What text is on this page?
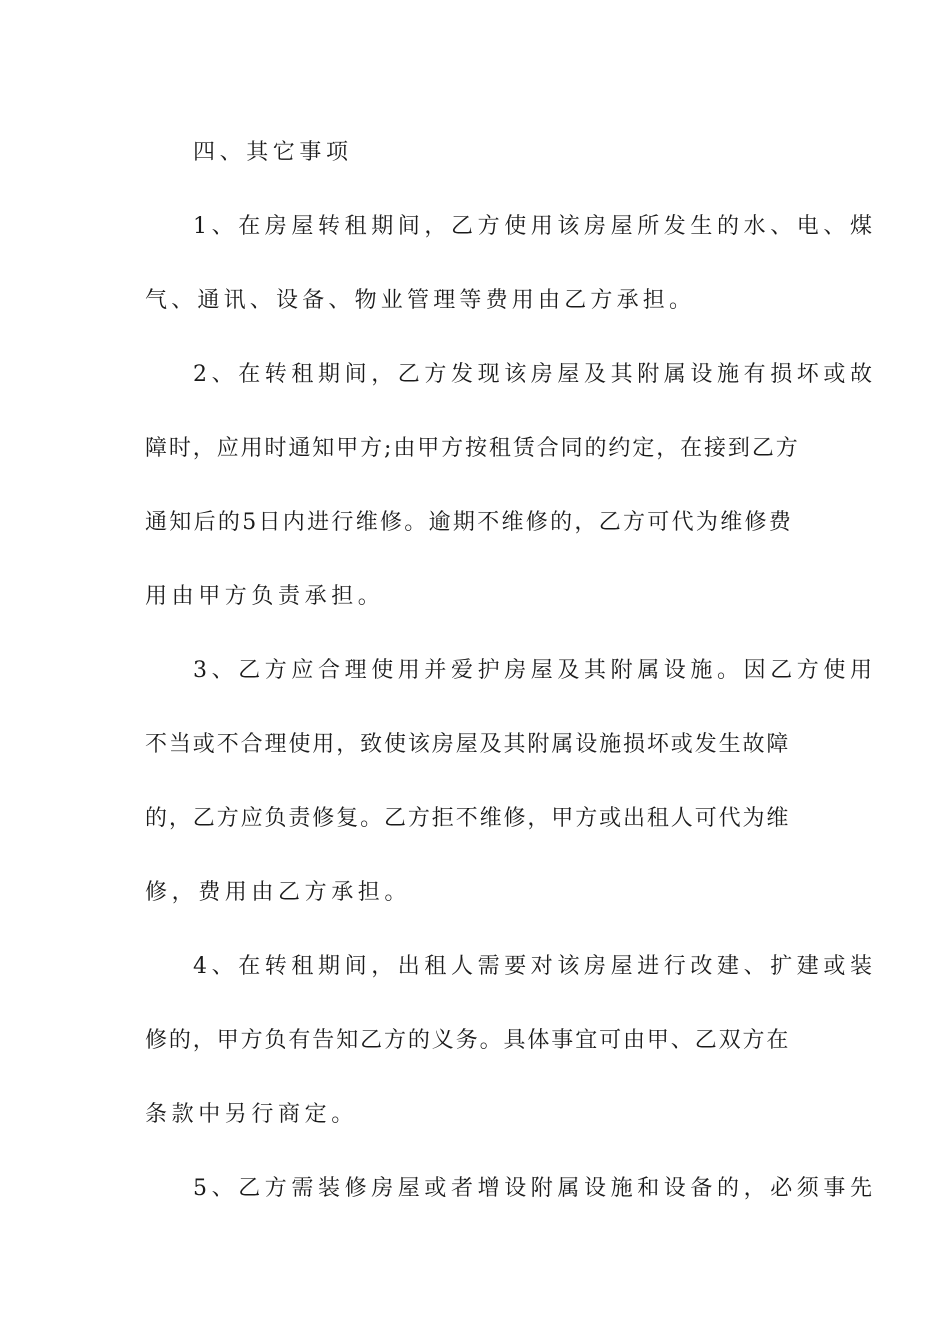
四、其它事项
1、在房屋转租期间，乙方使用该房屋所发生的水、电、煤
气、通讯、设备、物业管理等费用由乙方承担。
2、在转租期间，乙方发现该房屋及其附属设施有损坏或故
障时，应用时通知甲方;由甲方按租赁合同的约定，在接到乙方
通知后的5日内进行维修。逾期不维修的，乙方可代为维修费
用由甲方负责承担。
3、乙方应合理使用并爱护房屋及其附属设施。因乙方使用
不当或不合理使用，致使该房屋及其附属设施损坏或发生故障
的，乙方应负责修复。乙方拒不维修，甲方或出租人可代为维
修，费用由乙方承担。
4、在转租期间，出租人需要对该房屋进行改建、扩建或装
修的，甲方负有告知乙方的义务。具体事宜可由甲、乙双方在
条款中另行商定。
5、乙方需装修房屋或者增设附属设施和设备的，必须事先
